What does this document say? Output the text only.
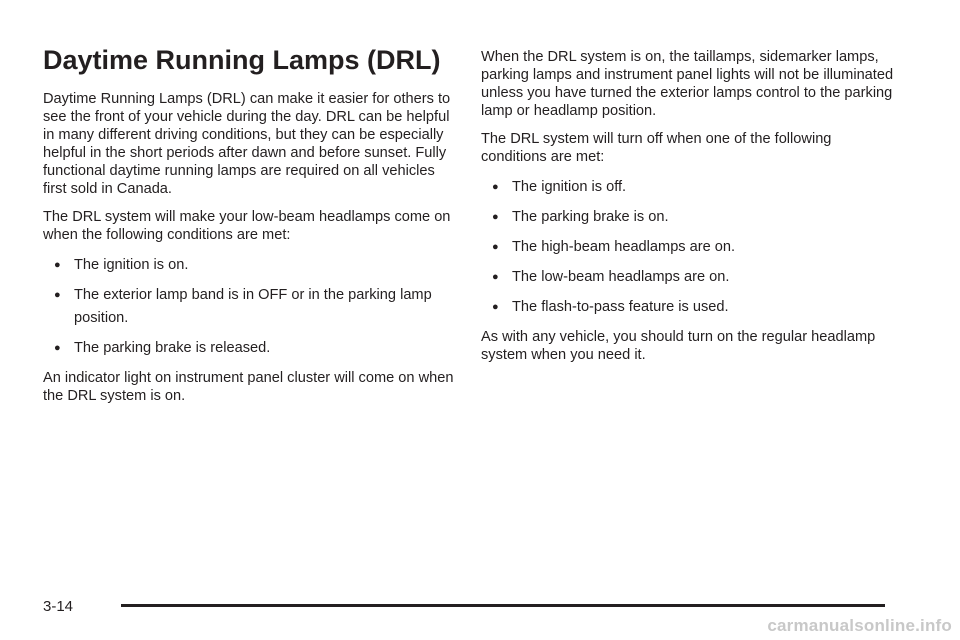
Daytime Running Lamps (DRL)

Daytime Running Lamps (DRL) can make it easier for others to see the front of your vehicle during the day. DRL can be helpful in many different driving conditions, but they can be especially helpful in the short periods after dawn and before sunset. Fully functional daytime running lamps are required on all vehicles first sold in Canada.

The DRL system will make your low-beam headlamps come on when the following conditions are met:

● The ignition is on.
● The exterior lamp band is in OFF or in the parking lamp position.
● The parking brake is released.

An indicator light on instrument panel cluster will come on when the DRL system is on.

When the DRL system is on, the taillamps, sidemarker lamps, parking lamps and instrument panel lights will not be illuminated unless you have turned the exterior lamps control to the parking lamp or headlamp position.

The DRL system will turn off when one of the following conditions are met:

● The ignition is off.
● The parking brake is on.
● The high-beam headlamps are on.
● The low-beam headlamps are on.
● The flash-to-pass feature is used.

As with any vehicle, you should turn on the regular headlamp system when you need it.

3-14
carmanualsonline.info
